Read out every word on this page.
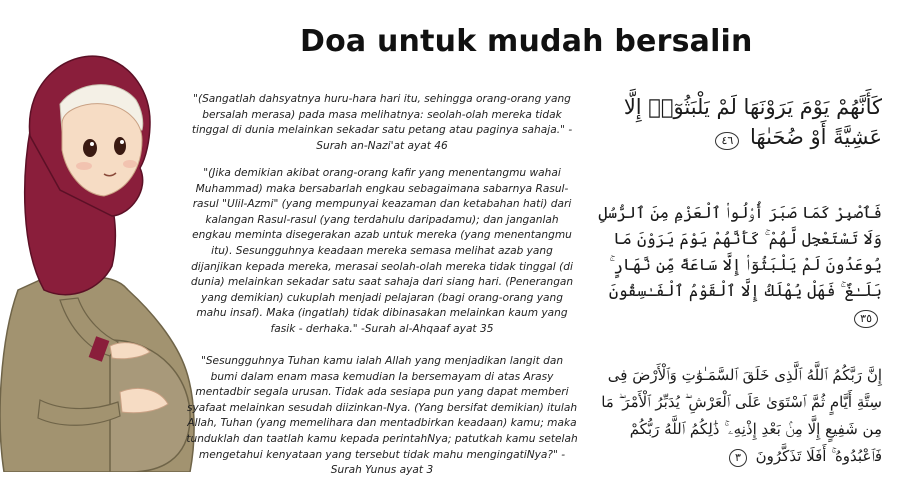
Doa untuk mudah bersalin

"(Sangatlah dahsyatnya huru-hara hari itu, sehingga orang-orang yang bersalah merasa) pada masa melihatnya: seolah-olah mereka tidak tinggal di dunia melainkan sekadar satu petang atau paginya sahaja." -Surah an-Nazi'at ayat 46

"(Jika demikian akibat orang-orang kafir yang menentangmu wahai Muhammad) maka bersabarlah engkau sebagaimana sabarnya Rasul-rasul "Ulil-Azmi" (yang mempunyai keazaman dan ketabahan hati) dari kalangan Rasul-rasul (yang terdahulu daripadamu); dan janganlah engkau meminta disegerakan azab untuk mereka (yang menentangmu itu). Sesungguhnya keadaan mereka semasa melihat azab yang dijanjikan kepada mereka, merasai seolah-olah mereka tidak tinggal (di dunia) melainkan sekadar satu saat sahaja dari siang hari. (Penerangan yang demikian) cukuplah menjadi pelajaran (bagi orang-orang yang mahu insaf). Maka (ingatlah) tidak dibinasakan melainkan kaum yang fasik - derhaka." -Surah al-Ahqaaf ayat 35

"Sesungguhnya Tuhan kamu ialah Allah yang menjadikan langit dan bumi dalam enam masa kemudian Ia bersemayam di atas Arasy mentadbir segala urusan. Tidak ada sesiapa pun yang dapat memberi syafaat melainkan sesudah diizinkan-Nya. (Yang bersifat demikian) itulah Allah, Tuhan (yang memelihara dan mentadbirkan keadaan) kamu; maka tunduklah dan taatlah kamu kepada perintahNya; patutkah kamu setelah mengetahui kenyataan yang tersebut tidak mahu mengingatiNya?" -Surah Yunus ayat 3

كَأَنَّهُمْ يَوْمَ يَرَوْنَهَا لَمْ يَلْبَثُوٓا۟ إِلَّا عَشِيَّةً أَوْ ضُحَىٰهَا ٤٦
فَٱصْبِرْ كَمَا صَبَرَ أُو۟لُوا۟ ٱلْعَزْمِ مِنَ ٱلرُّسُلِ وَلَا تَسْتَعْجِل لَّهُمْ ۚ كَأَنَّهُمْ يَوْمَ يَرَوْنَ مَا يُوعَدُونَ لَمْ يَلْبَثُوٓا۟ إِلَّا سَاعَةً مِّن نَّهَارٍ ۚ بَلَـٰغٌ ۚ فَهَلْ يُهْلَكُ إِلَّا ٱلْقَوْمُ ٱلْفَـٰسِقُونَ ٣٥
إِنَّ رَبَّكُمُ ٱللَّهُ ٱلَّذِى خَلَقَ ٱلسَّمَـٰوَٰتِ وَٱلْأَرْضَ فِى سِتَّةِ أَيَّامٍ ثُمَّ ٱسْتَوَىٰ عَلَى ٱلْعَرْشِ ۖ يُدَبِّرُ ٱلْأَمْرَ ۖ مَا مِن شَفِيعٍ إِلَّا مِنۢ بَعْدِ إِذْنِهِۦ ۚ ذَٰلِكُمُ ٱللَّهُ رَبُّكُمْ فَٱعْبُدُوهُ ۚ أَفَلَا تَذَكَّرُونَ ٣
